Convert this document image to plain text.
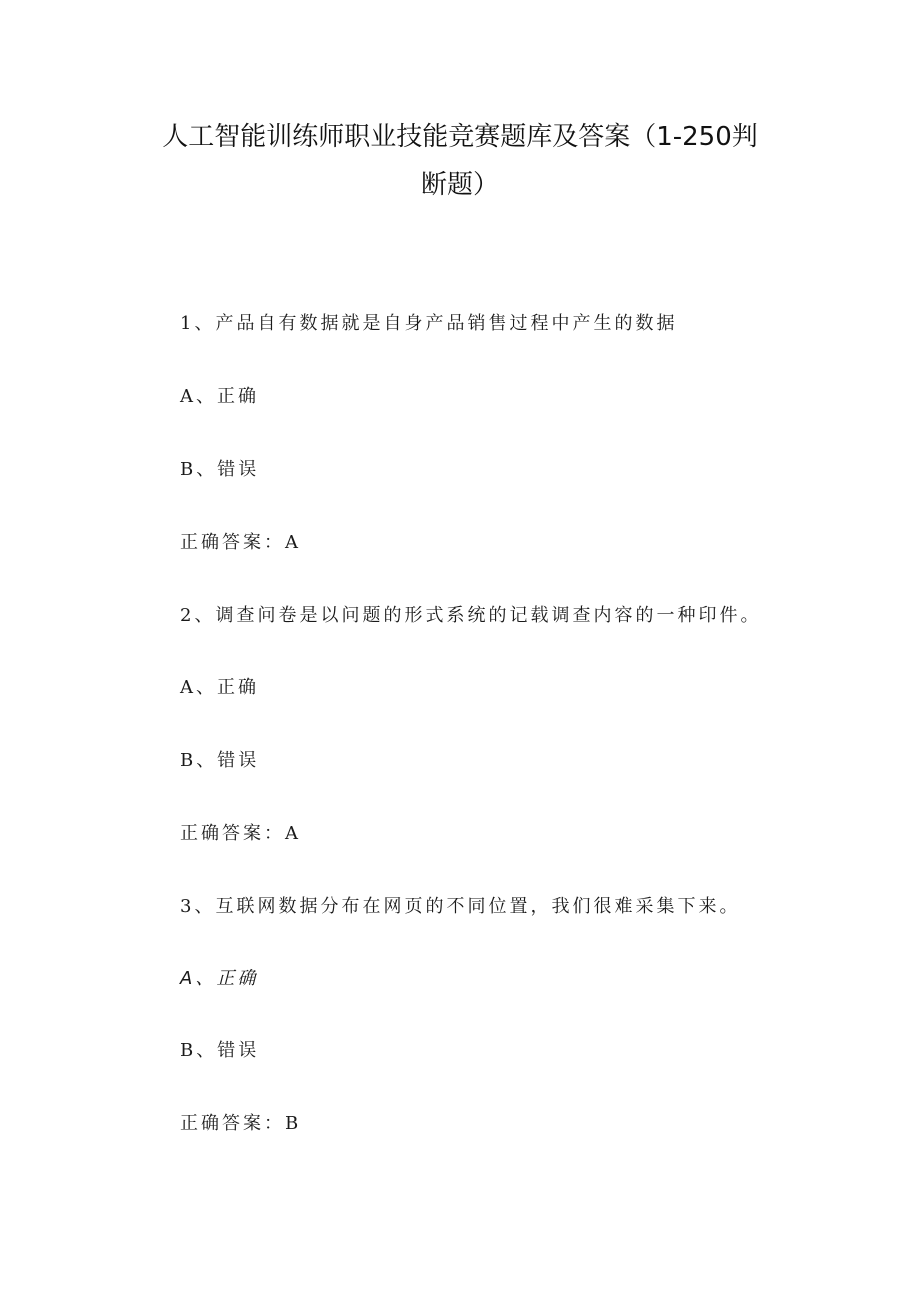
人工智能训练师职业技能竞赛题库及答案（1-250判
断题）
1、产品自有数据就是自身产品销售过程中产生的数据
A、正确
B、错误
正确答案：A
2、调查问卷是以问题的形式系统的记载调查内容的一种印件。
A、正确
B、错误
正确答案：A
3、互联网数据分布在网页的不同位置，我们很难采集下来。
A、正确
B、错误
正确答案：B
